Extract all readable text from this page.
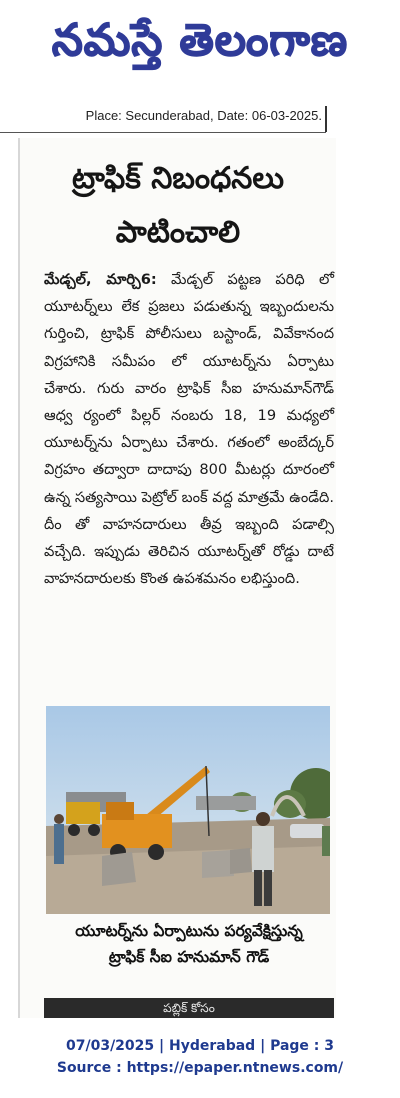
నమస్తే తెలంగాణ
Place: Secunderabad, Date: 06-03-2025.
ట్రాఫిక్ నిబంధనలు
పాటించాలి
మేడ్చల్, మార్చి6: మేడ్చల్ పట్టణ పరిధి లో యూటర్న్‌లు లేక ప్రజలు పడుతున్న ఇబ్బందులను గుర్తించి, ట్రాఫిక్ పోలీసులు బస్టాండ్, వివేకానంద విగ్రహానికి సమీపం లో యూటర్న్‌ను ఏర్పాటు చేశారు. గురు వారం ట్రాఫిక్ సీఐ హనుమాన్‌గౌడ్ ఆధ్వ ర్యంలో పిల్లర్ నంబరు 18, 19 మధ్యలో యూటర్న్‌ను ఏర్పాటు చేశారు. గతంలో అంబేద్కర్ విగ్రహం తద్వారా దాదాపు 800 మీటర్లు దూరంలో ఉన్న సత్యసాయి పెట్రోల్ బంక్ వద్ద మాత్రమే ఉండేది. దీం తో వాహనదారులు తీవ్ర ఇబ్బంది పడాల్సి వచ్చేది. ఇప్పుడు తెరిచిన యూటర్న్‌తో రోడ్డు దాటే వాహనదారులకు కొంత ఉపశమనం లభిస్తుంది.
యూటర్న్‌ను ఏర్పాటును పర్యవేక్షిస్తున్న
ట్రాఫిక్ సీఐ హనుమాన్ గౌడ్
పబ్లిక్ కోసం
07/03/2025 | Hyderabad | Page : 3
Source : https://epaper.ntnews.com/
